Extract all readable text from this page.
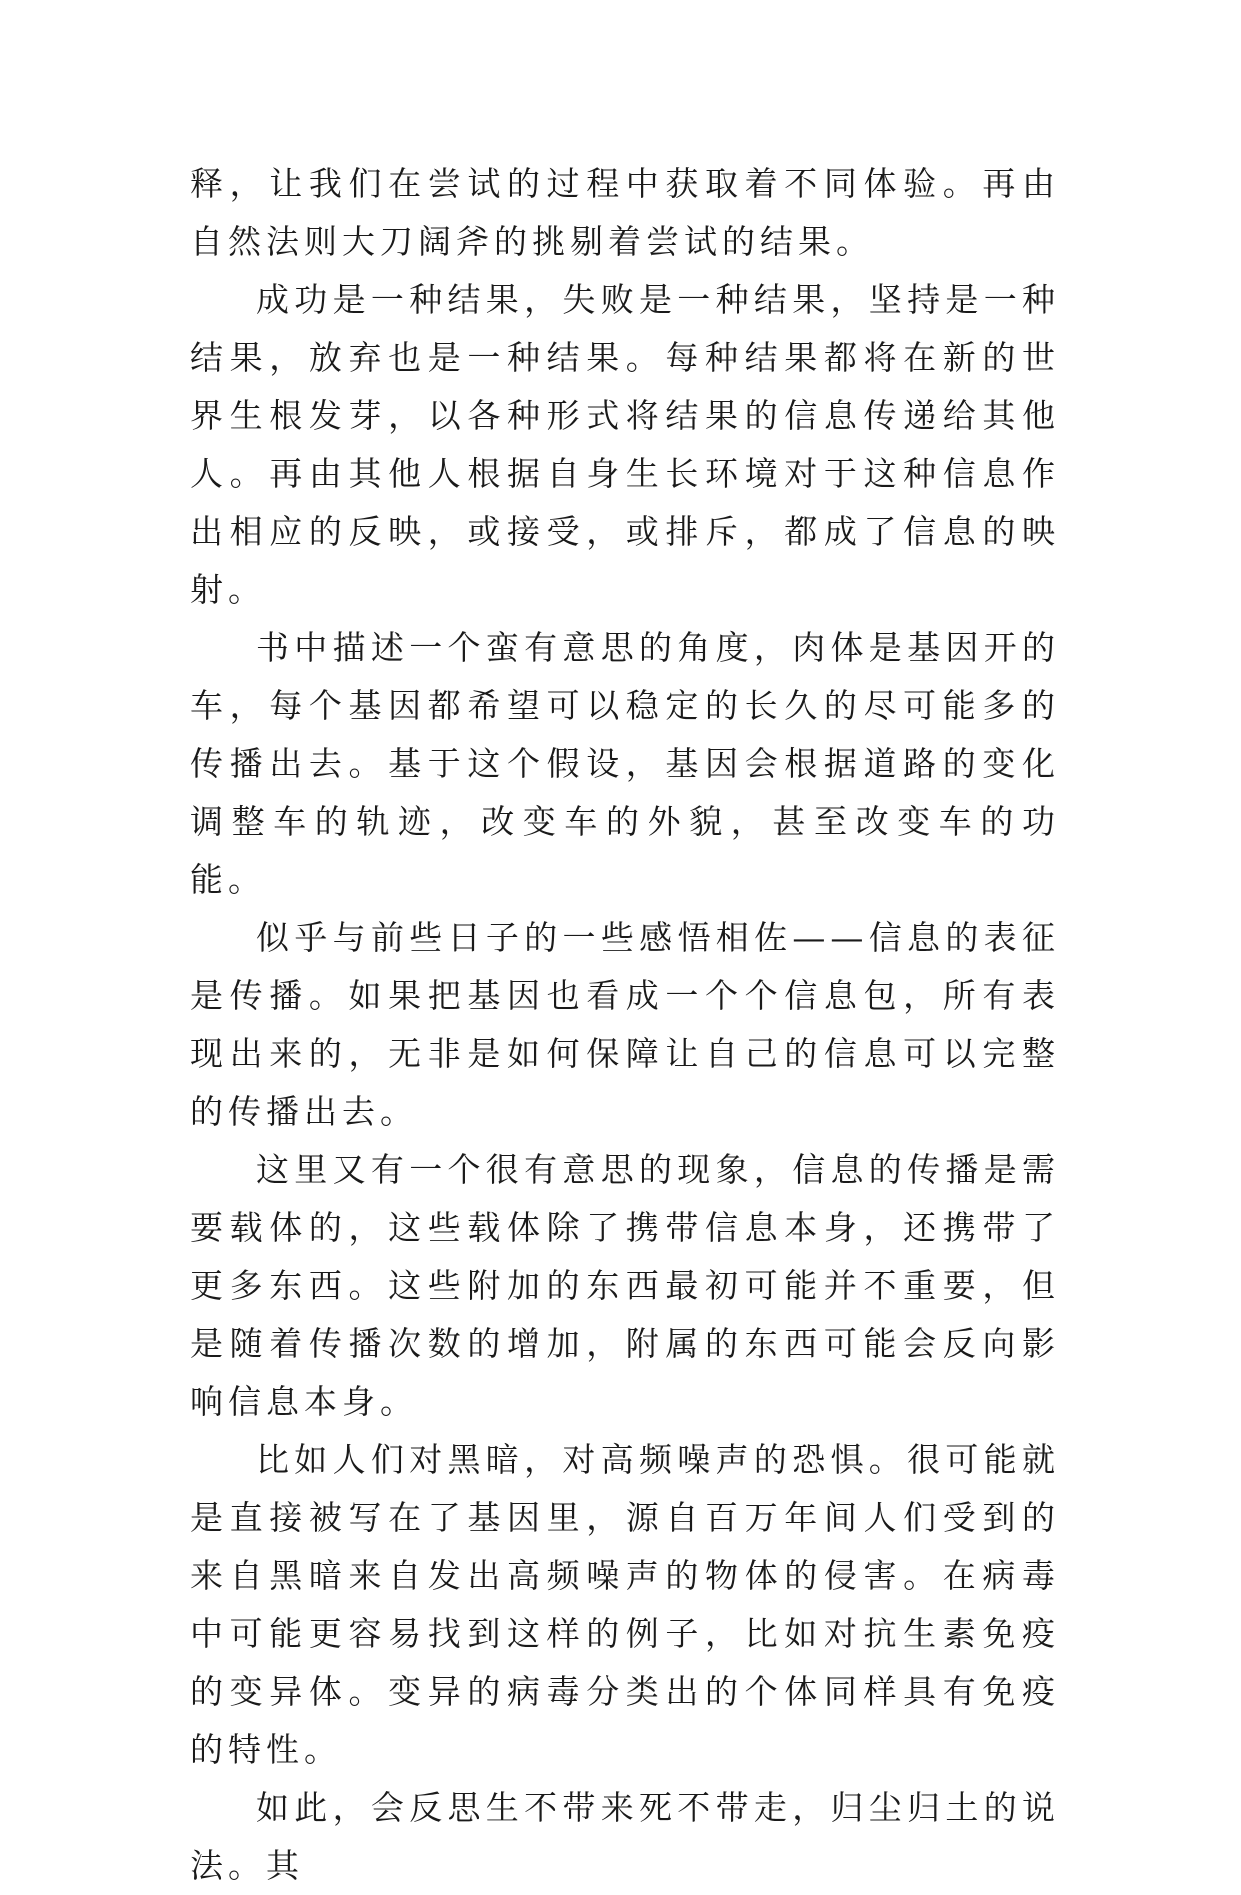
释，让我们在尝试的过程中获取着不同体验。再由自然法则大刀阔斧的挑剔着尝试的结果。

成功是一种结果，失败是一种结果，坚持是一种结果，放弃也是一种结果。每种结果都将在新的世界生根发芽，以各种形式将结果的信息传递给其他人。再由其他人根据自身生长环境对于这种信息作出相应的反映，或接受，或排斥，都成了信息的映射。

书中描述一个蛮有意思的角度，肉体是基因开的车，每个基因都希望可以稳定的长久的尽可能多的传播出去。基于这个假设，基因会根据道路的变化调整车的轨迹，改变车的外貌，甚至改变车的功能。

似乎与前些日子的一些感悟相佐——信息的表征是传播。如果把基因也看成一个个信息包，所有表现出来的，无非是如何保障让自己的信息可以完整的传播出去。

这里又有一个很有意思的现象，信息的传播是需要载体的，这些载体除了携带信息本身，还携带了更多东西。这些附加的东西最初可能并不重要，但是随着传播次数的增加，附属的东西可能会反向影响信息本身。

比如人们对黑暗，对高频噪声的恐惧。很可能就是直接被写在了基因里，源自百万年间人们受到的来自黑暗来自发出高频噪声的物体的侵害。在病毒中可能更容易找到这样的例子，比如对抗生素免疫的变异体。变异的病毒分类出的个体同样具有免疫的特性。

如此，会反思生不带来死不带走，归尘归土的说法。其
